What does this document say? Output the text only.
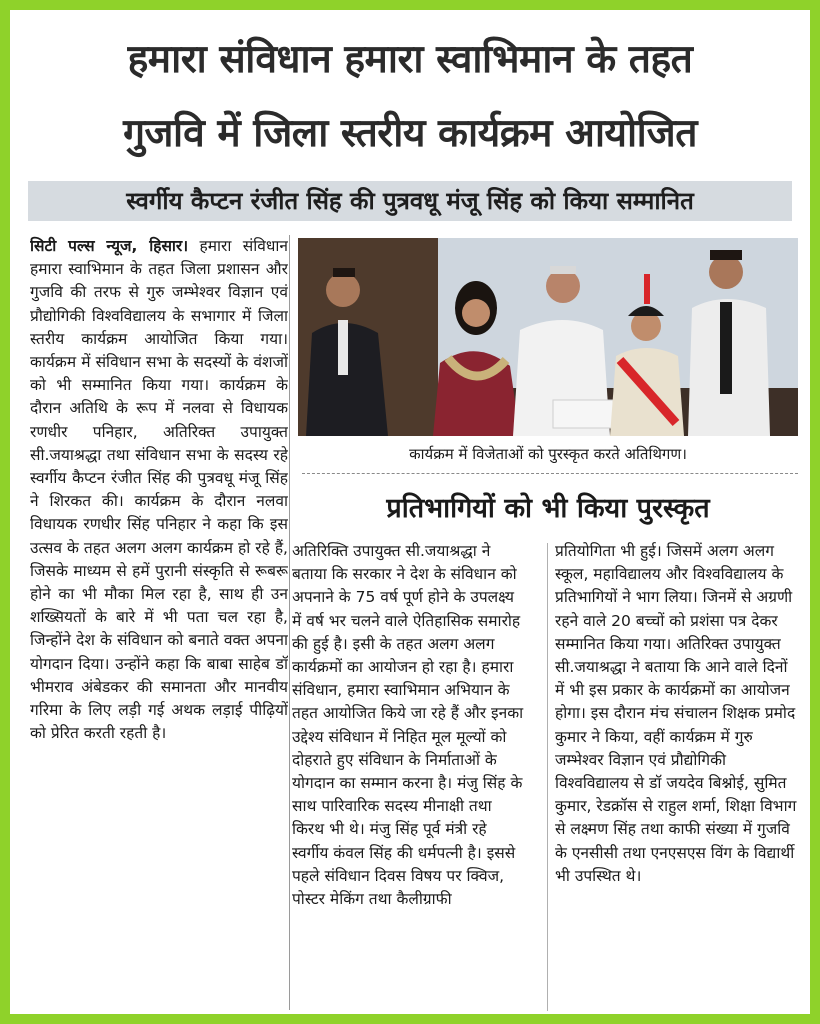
हमारा संविधान हमारा स्वाभिमान के तहत
गुजवि में जिला स्तरीय कार्यक्रम आयोजित
स्वर्गीय कैप्टन रंजीत सिंह की पुत्रवधू मंजू सिंह को किया सम्मानित
सिटी पल्स न्यूज, हिसार। हमारा संविधान हमारा स्वाभिमान के तहत जिला प्रशासन और गुजवि की तरफ से गुरु जम्भेश्वर विज्ञान एवं प्रौद्योगिकी विश्वविद्यालय के सभागार में जिला स्तरीय कार्यक्रम आयोजित किया गया। कार्यक्रम में संविधान सभा के सदस्यों के वंशजों को भी सम्मानित किया गया। कार्यक्रम के दौरान अतिथि के रूप में नलवा से विधायक रणधीर पनिहार, अतिरिक्त उपायुक्त सी.जयाश्रद्धा तथा संविधान सभा के सदस्य रहे स्वर्गीय कैप्टन रंजीत सिंह की पुत्रवधू मंजू सिंह ने शिरकत की। कार्यक्रम के दौरान नलवा विधायक रणधीर सिंह पनिहार ने कहा कि इस उत्सव के तहत अलग अलग कार्यक्रम हो रहे हैं, जिसके माध्यम से हमें पुरानी संस्कृति से रूबरू होने का भी मौका मिल रहा है, साथ ही उन शख्सियतों के बारे में भी पता चल रहा है, जिन्होंने देश के संविधान को बनाते वक्त अपना योगदान दिया। उन्होंने कहा कि बाबा साहेब डॉ भीमराव अंबेडकर की समानता और मानवीय गरिमा के लिए लड़ी गई अथक लड़ाई पीढ़ियों को प्रेरित करती रहती है।
कार्यक्रम में विजेताओं को पुरस्कृत करते अतिथिगण।
प्रतिभागियों को भी किया पुरस्कृत
अतिरिक्ति उपायुक्त सी.जयाश्रद्धा ने बताया कि सरकार ने देश के संविधान को अपनाने के 75 वर्ष पूर्ण होने के उपलक्ष्य में वर्ष भर चलने वाले ऐतिहासिक समारोह की हुई है। इसी के तहत अलग अलग कार्यक्रमों का आयोजन हो रहा है। हमारा संविधान, हमारा स्वाभिमान अभियान के तहत आयोजित किये जा रहे हैं और इनका उद्देश्य संविधान में निहित मूल मूल्यों को दोहराते हुए संविधान के निर्माताओं के योगदान का सम्मान करना है। मंजु सिंह के साथ पारिवारिक सदस्य मीनाक्षी तथा किरथ भी थे। मंजु सिंह पूर्व मंत्री रहे स्वर्गीय कंवल सिंह की धर्मपत्नी है। इससे पहले संविधान दिवस विषय पर क्विज, पोस्टर मेकिंग तथा कैलीग्राफी
प्रतियोगिता भी हुई। जिसमें अलग अलग स्कूल, महाविद्यालय और विश्वविद्यालय के प्रतिभागियों ने भाग लिया। जिनमें से अग्रणी रहने वाले 20 बच्चों को प्रशंसा पत्र देकर सम्मानित किया गया। अतिरिक्त उपायुक्त सी.जयाश्रद्धा ने बताया कि आने वाले दिनों में भी इस प्रकार के कार्यक्रमों का आयोजन होगा। इस दौरान मंच संचालन शिक्षक प्रमोद कुमार ने किया, वहीं कार्यक्रम में गुरु जम्भेश्वर विज्ञान एवं प्रौद्योगिकी विश्वविद्यालय से डॉ जयदेव बिश्नोई, सुमित कुमार, रेडक्रॉस से राहुल शर्मा, शिक्षा विभाग से लक्ष्मण सिंह तथा काफी संख्या में गुजवि के एनसीसी तथा एनएसएस विंग के विद्यार्थी भी उपस्थित थे।
